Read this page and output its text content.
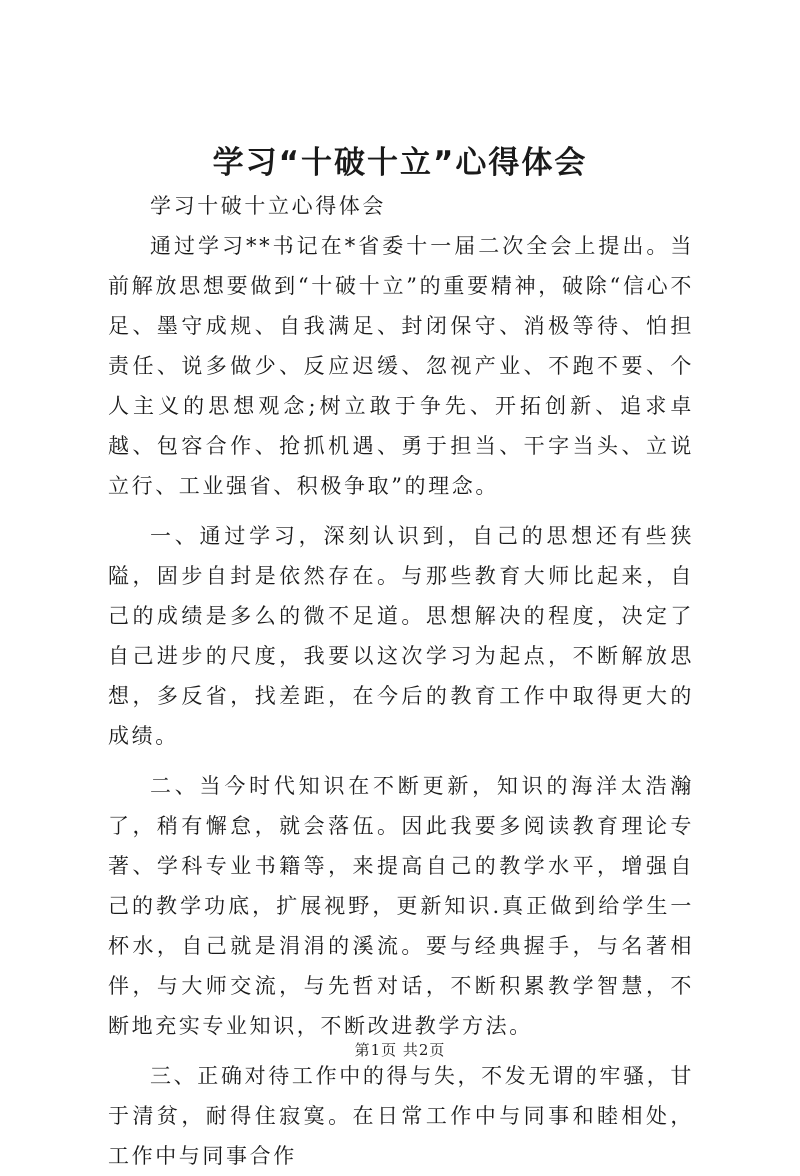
学习“十破十立”心得体会

学习十破十立心得体会

通过学习**书记在*省委十一届二次全会上提出。当前解放思想要做到“十破十立”的重要精神，破除“信心不足、墨守成规、自我满足、封闭保守、消极等待、怕担责任、说多做少、反应迟缓、忽视产业、不跑不要、个人主义的思想观念;树立敢于争先、开拓创新、追求卓越、包容合作、抢抓机遇、勇于担当、干字当头、立说立行、工业强省、积极争取”的理念。

一、通过学习，深刻认识到，自己的思想还有些狭隘，固步自封是依然存在。与那些教育大师比起来，自己的成绩是多么的微不足道。思想解决的程度，决定了自己进步的尺度，我要以这次学习为起点，不断解放思想，多反省，找差距，在今后的教育工作中取得更大的成绩。

二、当今时代知识在不断更新，知识的海洋太浩瀚了，稍有懈怠，就会落伍。因此我要多阅读教育理论专著、学科专业书籍等，来提高自己的教学水平，增强自己的教学功底，扩展视野，更新知识.真正做到给学生一杯水，自己就是涓涓的溪流。要与经典握手，与名著相伴，与大师交流，与先哲对话，不断积累教学智慧，不断地充实专业知识，不断改进教学方法。

三、正确对待工作中的得与失，不发无谓的牢骚，甘于清贫，耐得住寂寞。在日常工作中与同事和睦相处，工作中与同事合作

第1页 共2页
